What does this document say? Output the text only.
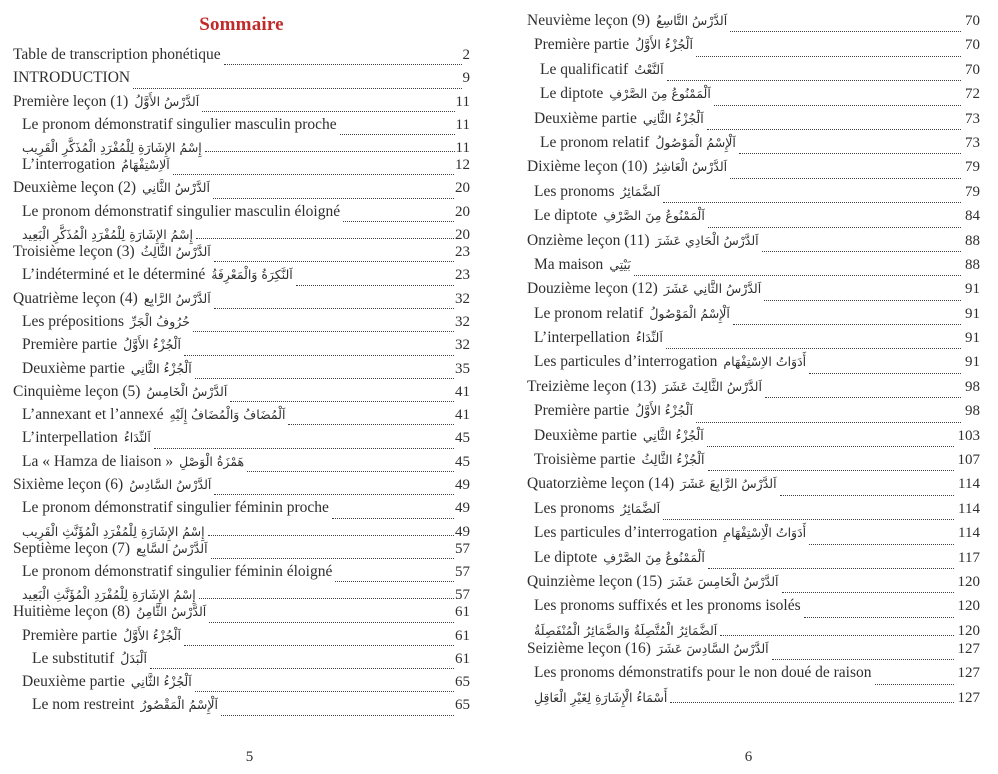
Sommaire
Table de transcription phonétique	2
INTRODUCTION	9
Première leçon (1) اَلدَّرْسُ الأَوَّلُ	11
Le pronom démonstratif singulier masculin proche	11
إِسْمُ الإِشَارَةِ لِلْمُفْرَدِ الْمُذَكَّرِ الْقَرِيب	11
L’interrogation اَلاِسْتِفْهَامُ	12
Deuxième leçon (2) اَلدَّرْسُ الثَّانِي	20
Le pronom démonstratif singulier masculin éloigné	20
إِسْمُ الإِشَارَةِ لِلْمُفْرَدِ الْمُذَكَّرِ الْبَعِيد	20
Troisième leçon (3) اَلدَّرْسُ الثَّالِثُ	23
L’indéterminé et le déterminé اَلنَّكِرَةُ وَالْمَعْرِفَةُ	23
Quatrième leçon (4) اَلدَّرْسُ الرَّابِع	32
Les prépositions حُرُوفُ الْجَرِّ	32
Première partie اَلْجُزْءُ الأَوَّلُ	32
Deuxième partie اَلْجُزْءُ الثَّانِي	35
Cinquième leçon (5) اَلدَّرْسُ الْخَامِسُ	41
L’annexant et l’annexé اَلْمُضَافُ وَالْمُضَافُ إِلَيْهِ	41
L’interpellation اَلنِّدَاءُ	45
La « Hamza de liaison » هَمْزَةُ الْوَصْلِ	45
Sixième leçon (6) اَلدَّرْسُ السَّادِسُ	49
Le pronom démonstratif singulier féminin proche	49
إِسْمُ الإِشَارَةِ لِلْمُفْرَدِ الْمُؤَنَّثِ الْقَرِيب	49
Septième leçon (7) اَلدَّرْسُ السَّابِع	57
Le pronom démonstratif singulier féminin éloigné	57
إِسْمُ الإِشَارَةِ لِلْمُفْرَدِ الْمُؤَنَّثِ الْبَعِيد	57
Huitième leçon (8) اَلدَّرْسُ الثَّامِنُ	61
Première partie اَلْجُزْءُ الأَوَّلُ	61
Le substitutif اَلْبَدَلُ	61
Deuxième partie اَلْجُزْءُ الثَّانِي	65
Le nom restreint اَلْإِسْمُ الْمَقْصُورُ	65
5
Neuvième leçon (9) اَلدَّرْسُ التَّاسِعُ	70
Première partie اَلْجُزْءُ الأَوَّلُ	70
Le qualificatif اَلنَّعْتُ	70
Le diptote اَلْمَمْنُوعُ مِنَ الصَّرْفِ	72
Deuxième partie اَلْجُزْءُ الثَّانِي	73
Le pronom relatif اَلْإِسْمُ الْمَوْصُولُ	73
Dixième leçon (10) اَلدَّرْسُ الْعَاشِرُ	79
Les pronoms اَلضَّمَائِرُ	79
Le diptote اَلْمَمْنُوعُ مِنَ الصَّرْفِ	84
Onzième leçon (11) اَلدَّرْسُ الْحَادِي عَشَرَ	88
Ma maison بَيْتِي	88
Douzième leçon (12) اَلدَّرْسُ الثَّانِي عَشَرَ	91
Le pronom relatif اَلْإِسْمُ الْمَوْصُولُ	91
L’interpellation اَلنِّدَاءُ	91
Les particules d’interrogation أَدَوَاتُ الاِسْتِفْهَام	91
Treizième leçon (13) اَلدَّرْسُ الثَّالِثَ عَشَرَ	98
Première partie اَلْجُزْءُ الأَوَّلُ	98
Deuxième partie اَلْجُزْءُ الثَّانِي	103
Troisième partie اَلْجُزْءُ الثَّالِثُ	107
Quatorzième leçon (14) اَلدَّرْسُ الرَّابِعَ عَشَرَ	114
Les pronoms اَلضَّمَائِرُ	114
Les particules d’interrogation أَدَوَاتُ الْاِسْتِفْهَامِ	114
Le diptote اَلْمَمْنُوعُ مِنَ الصَّرْفِ	117
Quinzième leçon (15) اَلدَّرْسُ الْخَامِسَ عَشَرَ	120
Les pronoms suffixés et les pronoms isolés	120
اَلضَّمَائِرُ الْمُتَّصِلَةُ وَالضَّمَائِرُ الْمُنْفَصِلَةُ	120
Seizième leçon (16) اَلدَّرْسُ السَّادِسَ عَشَرَ	127
Les pronoms démonstratifs pour le non doué de raison	127
أَسْمَاءُ الْإِشَارَةِ لِغَيْرِ الْعَاقِلِ	127
6
